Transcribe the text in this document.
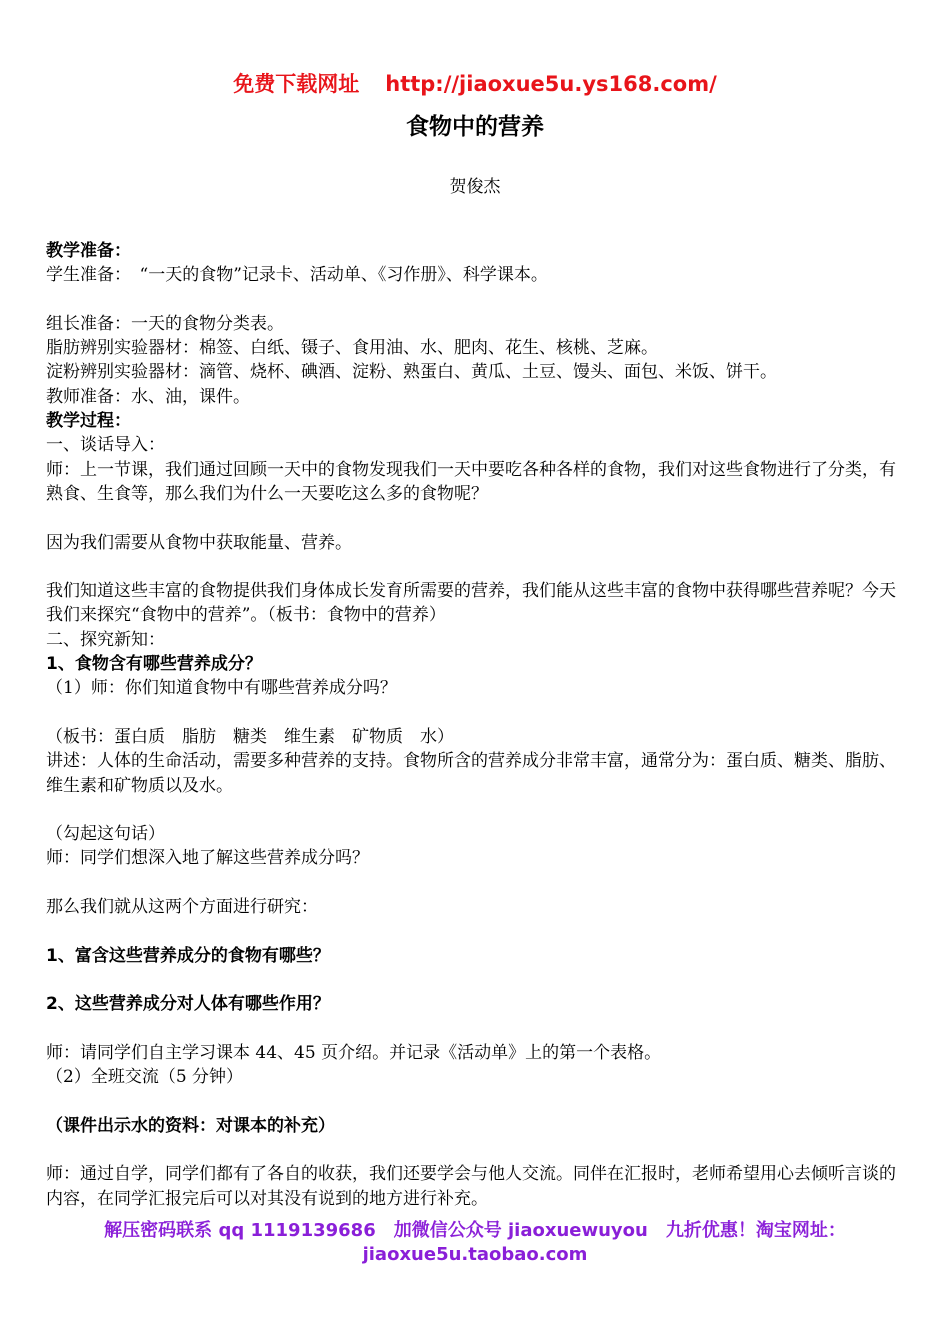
免费下载网址 http://jiaoxue5u.ys168.com/
食物中的营养
贺俊杰
教学准备：
学生准备：　“一天的食物”记录卡、活动单、《习作册》、科学课本。
组长准备：一天的食物分类表。
脂肪辨别实验器材：棉签、白纸、镊子、食用油、水、肥肉、花生、核桃、芝麻。
淀粉辨别实验器材：滴管、烧杯、碘酒、淀粉、熟蛋白、黄瓜、土豆、馒头、面包、米饭、饼干。
教师准备：水、油，课件。
教学过程：
一、谈话导入：
师：上一节课，我们通过回顾一天中的食物发现我们一天中要吃各种各样的食物，我们对这些食物进行了分类，有熟食、生食等，那么我们为什么一天要吃这么多的食物呢？
因为我们需要从食物中获取能量、营养。
我们知道这些丰富的食物提供我们身体成长发育所需要的营养，我们能从这些丰富的食物中获得哪些营养呢？今天我们来探究“食物中的营养”。（板书：食物中的营养）
二、探究新知：
1、食物含有哪些营养成分？
（1）师：你们知道食物中有哪些营养成分吗？
（板书：蛋白质　脂肪　糖类　维生素　矿物质　水）
讲述：人体的生命活动，需要多种营养的支持。食物所含的营养成分非常丰富，通常分为：蛋白质、糖类、脂肪、维生素和矿物质以及水。
（勾起这句话）
师：同学们想深入地了解这些营养成分吗？
那么我们就从这两个方面进行研究：
1、富含这些营养成分的食物有哪些？
2、这些营养成分对人体有哪些作用？
师：请同学们自主学习课本 44、45 页介绍。并记录《活动单》上的第一个表格。
（2）全班交流（5 分钟）
（课件出示水的资料：对课本的补充）
师：通过自学，同学们都有了各自的收获，我们还要学会与他人交流。同伴在汇报时，老师希望用心去倾听言谈的内容，在同学汇报完后可以对其没有说到的地方进行补充。
解压密码联系 qq 1119139686　加微信公众号 jiaoxuewuyou　九折优惠！淘宝网址：
jiaoxue5u.taobao.com
